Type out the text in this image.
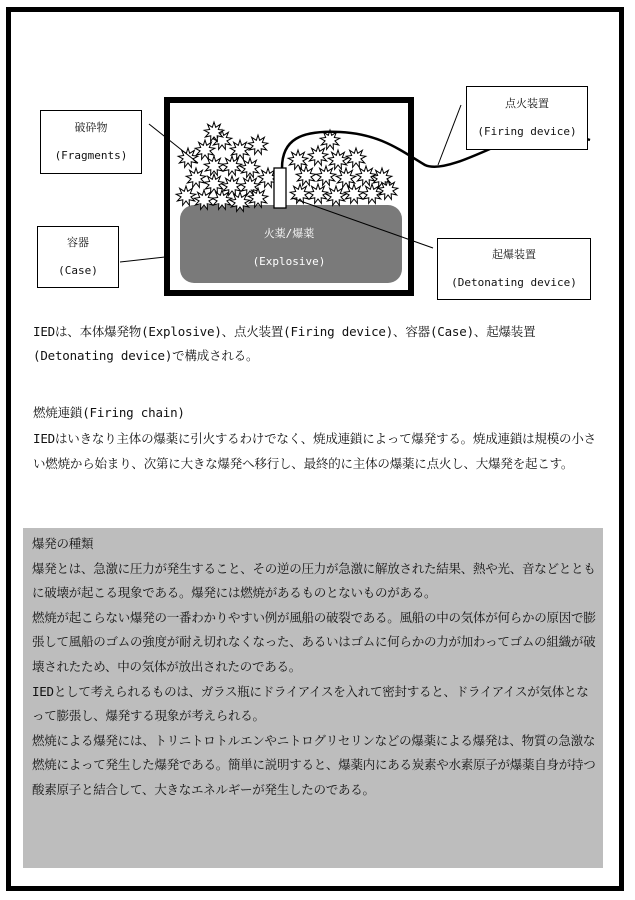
破砕物
(Fragments)
点火装置
(Firing device)
容器
(Case)
起爆装置
(Detonating device)
火薬/爆薬
(Explosive)

IEDは、本体爆発物(Explosive)、点火装置(Firing device)、容器(Case)、起爆装置(Detonating device)で構成される。

燃焼連鎖(Firing chain)

IEDはいきなり主体の爆薬に引火するわけでなく、焼成連鎖によって爆発する。焼成連鎖は規模の小さい燃焼から始まり、次第に大きな爆発へ移行し、最終的に主体の爆薬に点火し、大爆発を起こす。

爆発の種類

爆発とは、急激に圧力が発生すること、その逆の圧力が急激に解放された結果、熱や光、音などとともに破壊が起こる現象である。爆発には燃焼があるものとないものがある。

燃焼が起こらない爆発の一番わかりやすい例が風船の破裂である。風船の中の気体が何らかの原因で膨張して風船のゴムの強度が耐え切れなくなった、あるいはゴムに何らかの力が加わってゴムの組織が破壊されたため、中の気体が放出されたのである。

IEDとして考えられるものは、ガラス瓶にドライアイスを入れて密封すると、ドライアイスが気体となって膨張し、爆発する現象が考えられる。

燃焼による爆発には、トリニトロトルエンやニトログリセリンなどの爆薬による爆発は、物質の急激な燃焼によって発生した爆発である。簡単に説明すると、爆薬内にある炭素や水素原子が爆薬自身が持つ酸素原子と結合して、大きなエネルギーが発生したのである。
